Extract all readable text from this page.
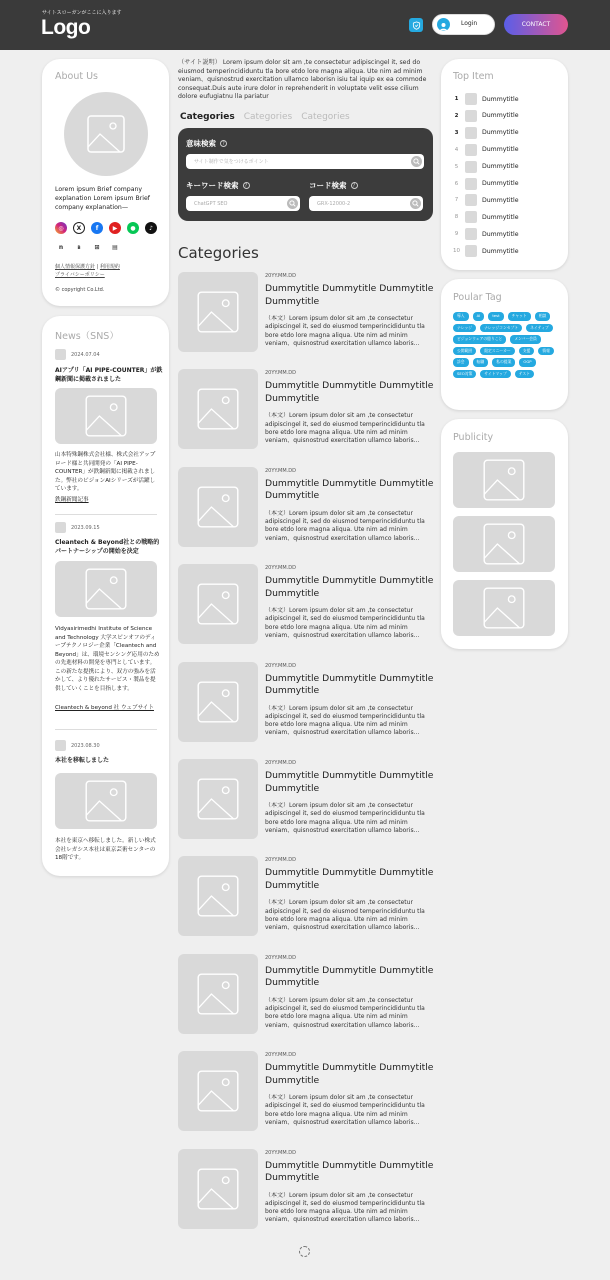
サイトスローガンがここに入ります
Logo	Login	CONTACT
About Us
Lorem ipsum Brief company explanation Lorem ipsum Brief company explanation—
◎	X	f	▶	●	♪
n	B	⊞	▤
個人情報保護方針 | 利用規約
プライバシーポリシー
© copyright Co.Ltd.
News（SNS）
2024.07.04
AIアプリ「AI PIPE-COUNTER」が鉄鋼新聞に掲載されました
山本特殊鋼株式会社様、株式会社アップロード様と共同開発の「AI PIPE-COUNTER」が鉄鋼新聞に掲載されました。弊社のビジョンAIシリーズが活躍しています。
鉄鋼新聞記事
2023.09.15
Cleantech & Beyond社との戦略的パートナーシップの開始を決定
Vidyasirimedhi Institute of Science and Technology 大学スピンオフのディープテクノロジー企業「Cleantech and Beyond」は、環境センシング応用のための先進材料の開発を専門としています。この新たな提携により、双方の強みを活かして、より優れたサービス・製品を提供していくことを目指します。
Cleantech & beyond 社 ウェブサイト
2023.08.30
本社を移転しました
本社を東京へ移転しました。新しい株式会社レガシス本社は東京芸術センターの18階です。
（サイト説明） Lorem ipsum dolor sit am ,te consectetur adipiscingel it, sed do eiusmod temperincididuntu tla bore etdo lore magna aliqua. Ute nim ad minim veniam、quisnostrud exercitation ullamco laborisn isiu tal iquip ex ea commode consequat.Duis aute irure dolor in reprehenderit in voluptate velit esse cilium dolore eufugiatnu lla pariatur
Categories Categories Categories
意味検索	?
サイト制作で気をつけるポイント
キーワード検索	?
ChatGPT SEO
コード検索	?
GRX-12000-2
Categories
20YY.MM.DD
Dummytitle Dummytitle Dummytitle Dummytitle
（本文）Lorem ipsum dolor sit am ,te consectetur adipiscingel it, sed do eiusmod temperincididuntu tla bore etdo lore magna aliqua. Ute nim ad minim veniam、quisnostrud exercitation ullamco laboris...
20YY.MM.DD
Dummytitle Dummytitle Dummytitle Dummytitle
（本文）Lorem ipsum dolor sit am ,te consectetur adipiscingel it, sed do eiusmod temperincididuntu tla bore etdo lore magna aliqua. Ute nim ad minim veniam、quisnostrud exercitation ullamco laboris...
20YY.MM.DD
Dummytitle Dummytitle Dummytitle Dummytitle
（本文）Lorem ipsum dolor sit am ,te consectetur adipiscingel it, sed do eiusmod temperincididuntu tla bore etdo lore magna aliqua. Ute nim ad minim veniam、quisnostrud exercitation ullamco laboris...
20YY.MM.DD
Dummytitle Dummytitle Dummytitle Dummytitle
（本文）Lorem ipsum dolor sit am ,te consectetur adipiscingel it, sed do eiusmod temperincididuntu tla bore etdo lore magna aliqua. Ute nim ad minim veniam、quisnostrud exercitation ullamco laboris...
20YY.MM.DD
Dummytitle Dummytitle Dummytitle Dummytitle
（本文）Lorem ipsum dolor sit am ,te consectetur adipiscingel it, sed do eiusmod temperincididuntu tla bore etdo lore magna aliqua. Ute nim ad minim veniam、quisnostrud exercitation ullamco laboris...
20YY.MM.DD
Dummytitle Dummytitle Dummytitle Dummytitle
（本文）Lorem ipsum dolor sit am ,te consectetur adipiscingel it, sed do eiusmod temperincididuntu tla bore etdo lore magna aliqua. Ute nim ad minim veniam、quisnostrud exercitation ullamco laboris...
20YY.MM.DD
Dummytitle Dummytitle Dummytitle Dummytitle
（本文）Lorem ipsum dolor sit am ,te consectetur adipiscingel it, sed do eiusmod temperincididuntu tla bore etdo lore magna aliqua. Ute nim ad minim veniam、quisnostrud exercitation ullamco laboris...
20YY.MM.DD
Dummytitle Dummytitle Dummytitle Dummytitle
（本文）Lorem ipsum dolor sit am ,te consectetur adipiscingel it, sed do eiusmod temperincididuntu tla bore etdo lore magna aliqua. Ute nim ad minim veniam、quisnostrud exercitation ullamco laboris...
20YY.MM.DD
Dummytitle Dummytitle Dummytitle Dummytitle
（本文）Lorem ipsum dolor sit am ,te consectetur adipiscingel it, sed do eiusmod temperincididuntu tla bore etdo lore magna aliqua. Ute nim ad minim veniam、quisnostrud exercitation ullamco laboris...
20YY.MM.DD
Dummytitle Dummytitle Dummytitle Dummytitle
（本文）Lorem ipsum dolor sit am ,te consectetur adipiscingel it, sed do eiusmod temperincididuntu tla bore etdo lore magna aliqua. Ute nim ad minim veniam、quisnostrud exercitation ullamco laboris...
Top Item
1	Dummytitle
2	Dummytitle
3	Dummytitle
4	Dummytitle
5	Dummytitle
6	Dummytitle
7	Dummytitle
8	Dummytitle
9	Dummytitle
10	Dummytitle
Poular Tag
導入	AI	test	チャット	相談
ナレッジ	ナレッジコンセプト	ネイティブ
ビジョンウェアの億りこと	メンバー会員
公開範囲	限定スニーカー	支援	情報
診会	転職	私の提案	OGP
SEO対策	サイトマップ	テスト
Publicity
